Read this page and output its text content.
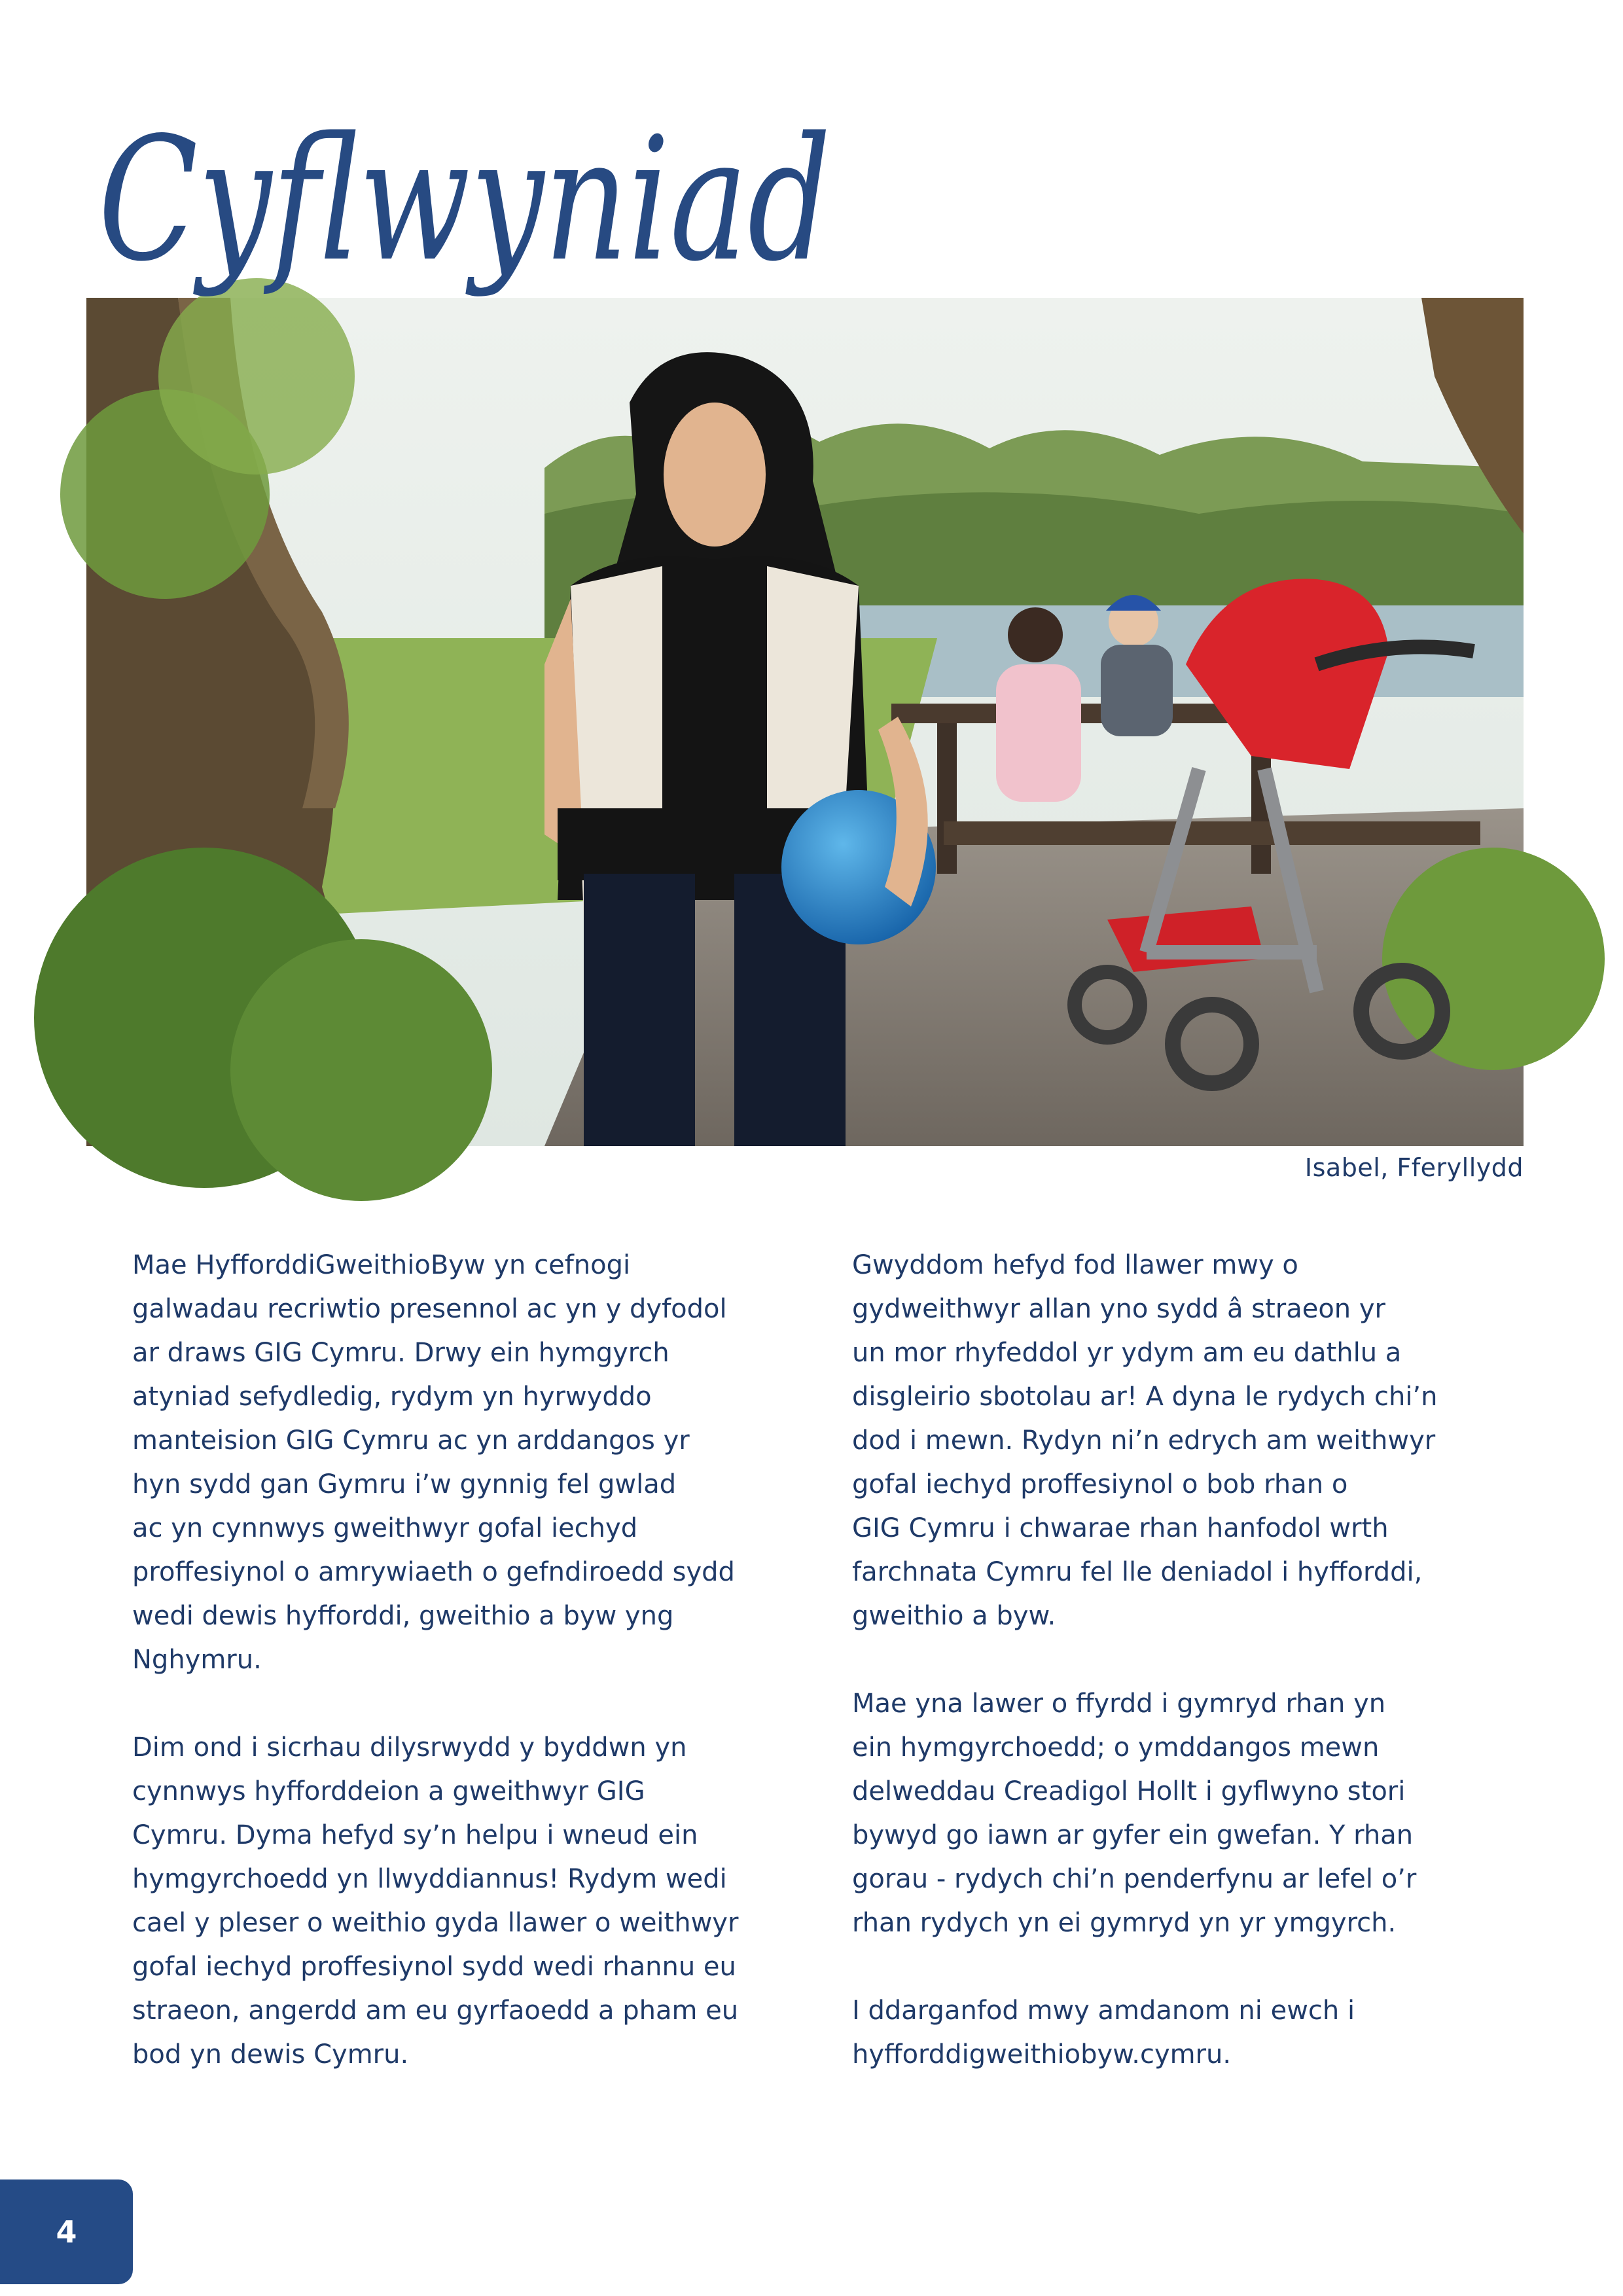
Cyflwyniad
Isabel, Fferyllydd

Mae HyfforddiGweithioByw yn cefnogi
galwadau recriwtio presennol ac yn y dyfodol
ar draws GIG Cymru. Drwy ein hymgyrch
atyniad sefydledig, rydym yn hyrwyddo
manteision GIG Cymru ac yn arddangos yr
hyn sydd gan Gymru i’w gynnig fel gwlad
ac yn cynnwys gweithwyr gofal iechyd
proffesiynol o amrywiaeth o gefndiroedd sydd
wedi dewis hyfforddi, gweithio a byw yng
Nghymru.

Dim ond i sicrhau dilysrwydd y byddwn yn
cynnwys hyfforddeion a gweithwyr GIG
Cymru. Dyma hefyd sy’n helpu i wneud ein
hymgyrchoedd yn llwyddiannus! Rydym wedi
cael y pleser o weithio gyda llawer o weithwyr
gofal iechyd proffesiynol sydd wedi rhannu eu
straeon, angerdd am eu gyrfaoedd a pham eu
bod yn dewis Cymru.

Gwyddom hefyd fod llawer mwy o
gydweithwyr allan yno sydd â straeon yr
un mor rhyfeddol yr ydym am eu dathlu a
disgleirio sbotolau ar! A dyna le rydych chi’n
dod i mewn. Rydyn ni’n edrych am weithwyr
gofal iechyd proffesiynol o bob rhan o
GIG Cymru i chwarae rhan hanfodol wrth
farchnata Cymru fel lle deniadol i hyfforddi,
gweithio a byw.

Mae yna lawer o ffyrdd i gymryd rhan yn
ein hymgyrchoedd; o ymddangos mewn
delweddau Creadigol Hollt i gyflwyno stori
bywyd go iawn ar gyfer ein gwefan. Y rhan
gorau - rydych chi’n penderfynu ar lefel o’r
rhan rydych yn ei gymryd yn yr ymgyrch.

I ddarganfod mwy amdanom ni ewch i
hyfforddigweithiobyw.cymru.

4
